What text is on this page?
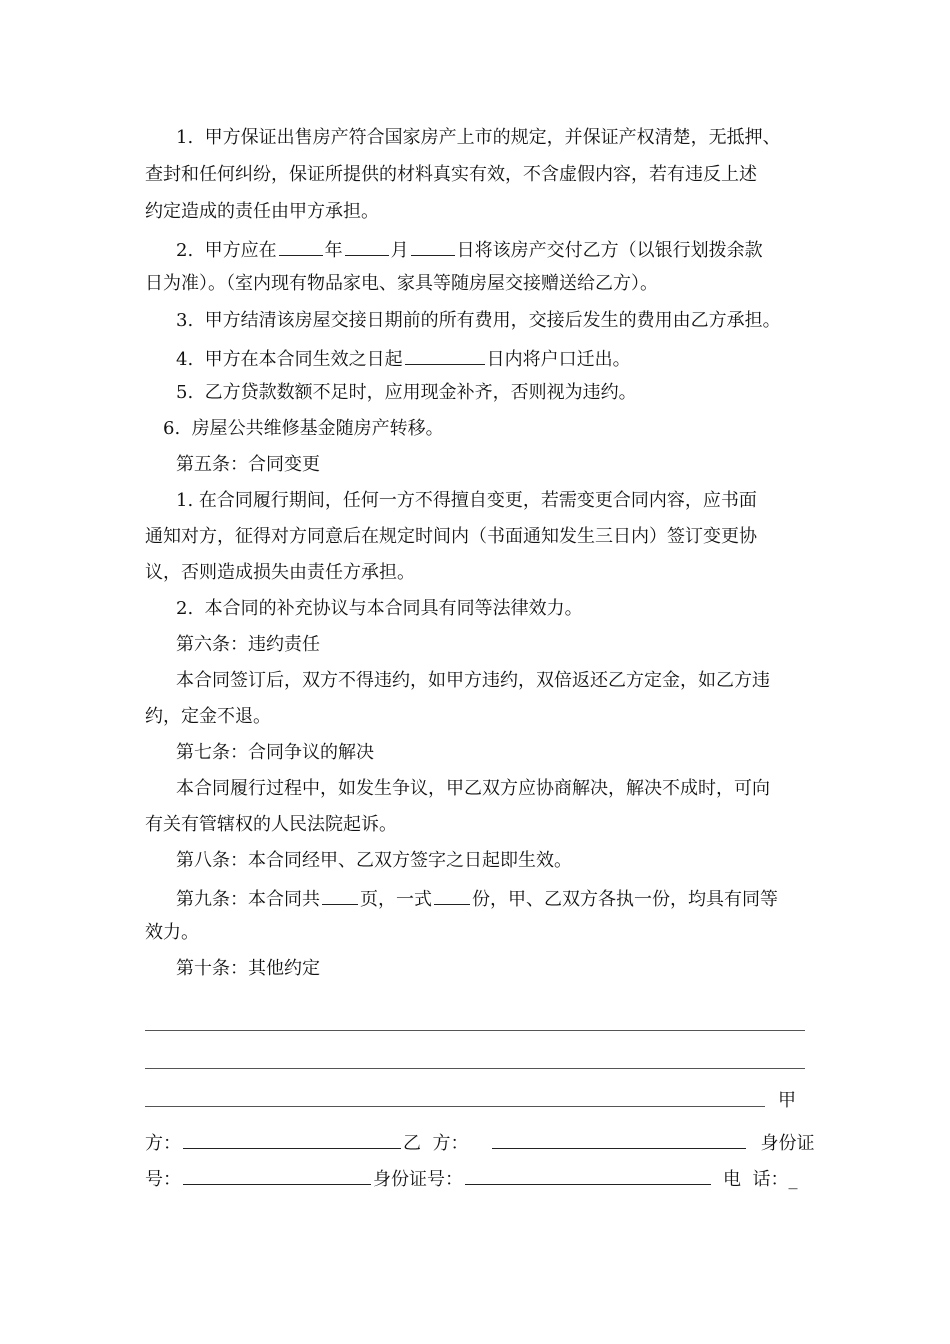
1.  甲方保证出售房产符合国家房产上市的规定，并保证产权清楚，无抵押、
查封和任何纠纷，保证所提供的材料真实有效，不含虚假内容，若有违反上述
约定造成的责任由甲方承担。
2.  甲方应在	年	月	日将该房产交付乙方（以银行划拨余款
日为准）。（室内现有物品家电、家具等随房屋交接赠送给乙方）。
3.  甲方结清该房屋交接日期前的所有费用，交接后发生的费用由乙方承担。
4.  甲方在本合同生效之日起	日内将户口迁出。
5.  乙方贷款数额不足时，应用现金补齐，否则视为违约。
6.  房屋公共维修基金随房产转移。
第五条：合同变更
1. 在合同履行期间，任何一方不得擅自变更，若需变更合同内容，应书面
通知对方，征得对方同意后在规定时间内（书面通知发生三日内）签订变更协
议，否则造成损失由责任方承担。
2.  本合同的补充协议与本合同具有同等法律效力。
第六条：违约责任
本合同签订后，双方不得违约，如甲方违约，双倍返还乙方定金，如乙方违
约，定金不退。
第七条：合同争议的解决
本合同履行过程中，如发生争议，甲乙双方应协商解决，解决不成时，可向
有关有管辖权的人民法院起诉。
第八条：本合同经甲、乙双方签字之日起即生效。
第九条：本合同共 页，一式 份，甲、乙双方各执一份，均具有同等
效力。
第十条：其他约定
甲
方：	乙  方：	身份证
号：	身份证号：	电  话：_
